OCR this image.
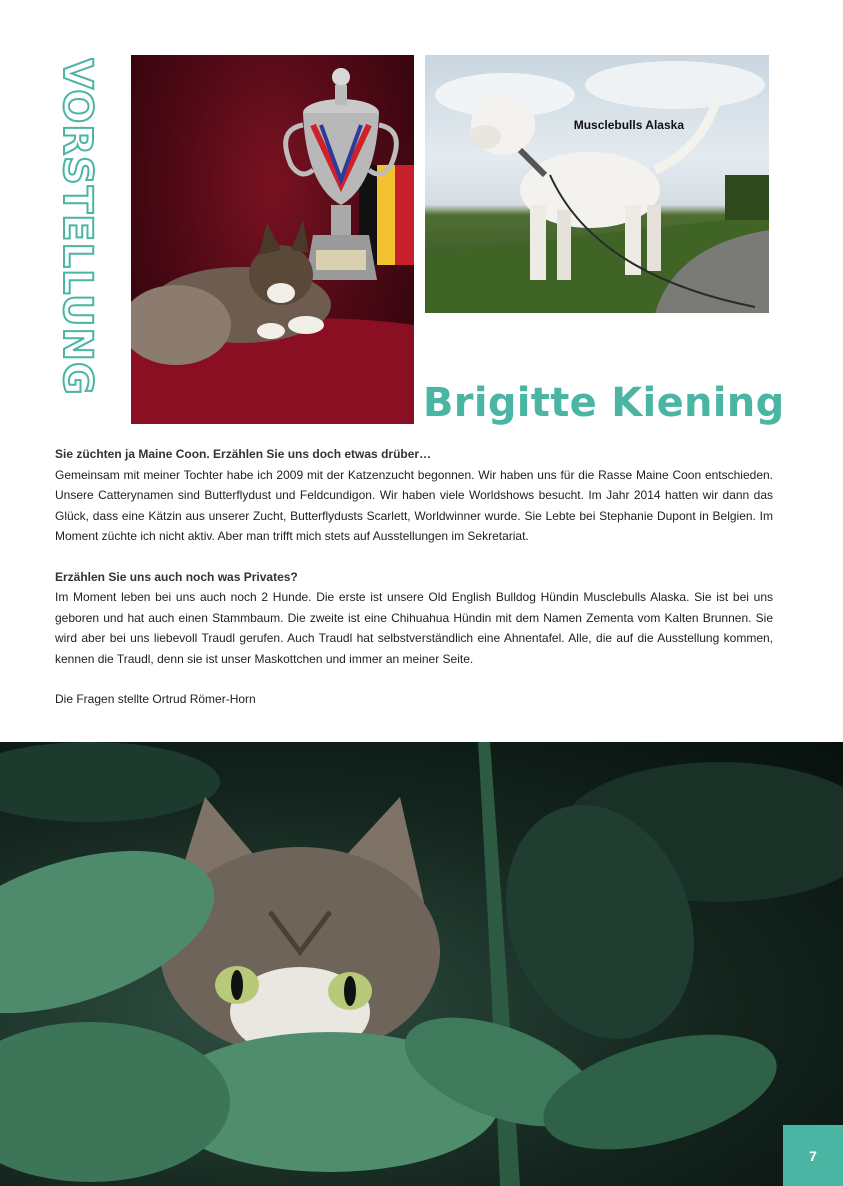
VORSTELLUNG	Musclebulls Alaska
Brigitte Kiening

Sie züchten ja Maine Coon. Erzählen Sie uns doch etwas drüber…

Gemeinsam mit meiner Tochter habe ich 2009 mit der Katzenzucht begonnen. Wir haben uns für die Rasse Maine Coon entschieden. Unsere Catterynamen sind Butterflydust und Feldcundigon. Wir haben viele Worldshows besucht. Im Jahr 2014 hatten wir dann das Glück, dass eine Kätzin aus unserer Zucht, Butterflydusts Scarlett, Worldwinner wurde. Sie Lebte bei Stephanie Dupont in Belgien. Im Moment züchte ich nicht aktiv. Aber man trifft mich stets auf Ausstellungen im Sekretariat.

Erzählen Sie uns auch noch was Privates?

Im Moment leben bei uns auch noch 2 Hunde. Die erste ist unsere Old English Bulldog Hündin Musclebulls Alaska. Sie ist bei uns geboren und hat auch einen Stammbaum. Die zweite ist eine Chihuahua Hündin mit dem Namen Zementa vom Kalten Brunnen. Sie wird aber bei uns liebevoll Traudl gerufen. Auch Traudl hat selbstverständlich eine Ahnentafel. Alle, die auf die Ausstellung kommen, kennen die Traudl, denn sie ist unser Maskottchen und immer an meiner Seite.

Die Fragen stellte Ortrud Römer-Horn

7
